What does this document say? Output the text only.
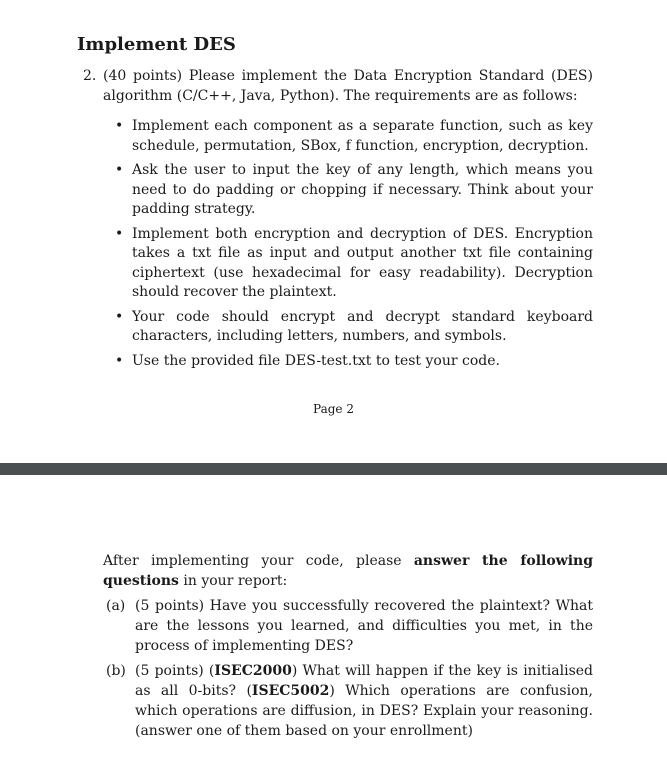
Implement DES
2. (40 points) Please implement the Data Encryption Standard (DES) algorithm (C/C++, Java, Python). The requirements are as follows:
• Implement each component as a separate function, such as key schedule, permutation, SBox, f function, encryption, decryption.
• Ask the user to input the key of any length, which means you need to do padding or chopping if necessary. Think about your padding strategy.
• Implement both encryption and decryption of DES. Encryption takes a txt file as input and output another txt file containing ciphertext (use hexadecimal for easy readability). Decryption should recover the plaintext.
• Your code should encrypt and decrypt standard keyboard characters, including letters, numbers, and symbols.
• Use the provided file DES-test.txt to test your code.
Page 2

After implementing your code, please answer the following questions in your report:

(a) (5 points) Have you successfully recovered the plaintext? What are the lessons you learned, and difficulties you met, in the process of implementing DES?
(b) (5 points) (ISEC2000) What will happen if the key is initialised as all 0-bits? (ISEC5002) Which operations are confusion, which operations are diffusion, in DES? Explain your reasoning. (answer one of them based on your enrollment)
